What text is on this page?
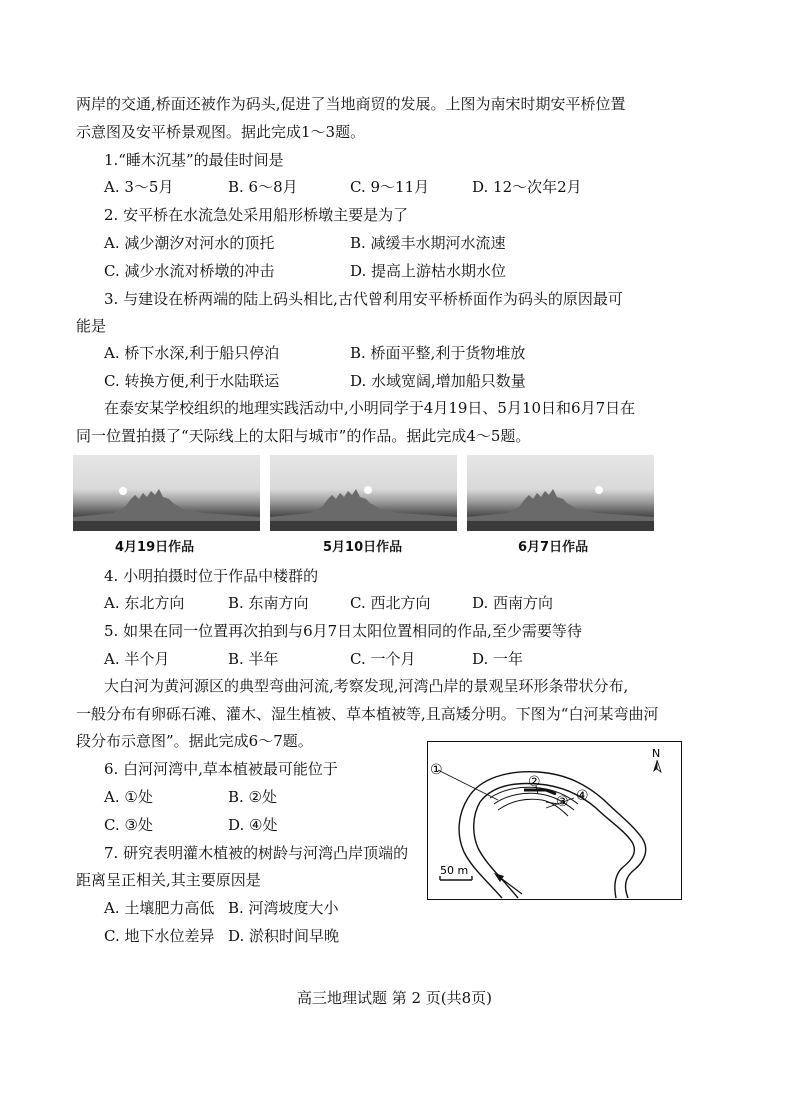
两岸的交通,桥面还被作为码头,促进了当地商贸的发展。上图为南宋时期安平桥位置
示意图及安平桥景观图。据此完成1～3题。
1.“睡木沉基”的最佳时间是
A. 3～5月	B. 6～8月	C. 9～11月	D. 12～次年2月
2. 安平桥在水流急处采用船形桥墩主要是为了
A. 减少潮汐对河水的顶托	B. 减缓丰水期河水流速
C. 减少水流对桥墩的冲击	D. 提高上游枯水期水位
3. 与建设在桥两端的陆上码头相比,古代曾利用安平桥桥面作为码头的原因最可
能是
A. 桥下水深,利于船只停泊	B. 桥面平整,利于货物堆放
C. 转换方便,利于水陆联运	D. 水域宽阔,增加船只数量
在泰安某学校组织的地理实践活动中,小明同学于4月19日、5月10日和6月7日在
同一位置拍摄了“天际线上的太阳与城市”的作品。据此完成4～5题。
4月19日作品	5月10日作品	6月7日作品
4. 小明拍摄时位于作品中楼群的
A. 东北方向	B. 东南方向	C. 西北方向	D. 西南方向
5. 如果在同一位置再次拍到与6月7日太阳位置相同的作品,至少需要等待
A. 半个月	B. 半年	C. 一个月	D. 一年
大白河为黄河源区的典型弯曲河流,考察发现,河湾凸岸的景观呈环形条带状分布,
一般分布有卵砾石滩、灌木、湿生植被、草本植被等,且高矮分明。下图为“白河某弯曲河
段分布示意图”。据此完成6～7题。
6. 白河河湾中,草本植被最可能位于
A. ①处	B. ②处
C. ③处	D. ④处
7. 研究表明灌木植被的树龄与河湾凸岸顶端的
距离呈正相关,其主要原因是
A. 土壤肥力高低 B. 河湾坡度大小
C. 地下水位差异 D. 淤积时间早晚
①
②
③ ④
N
50 m
高三地理试题 第 2 页(共8页)
